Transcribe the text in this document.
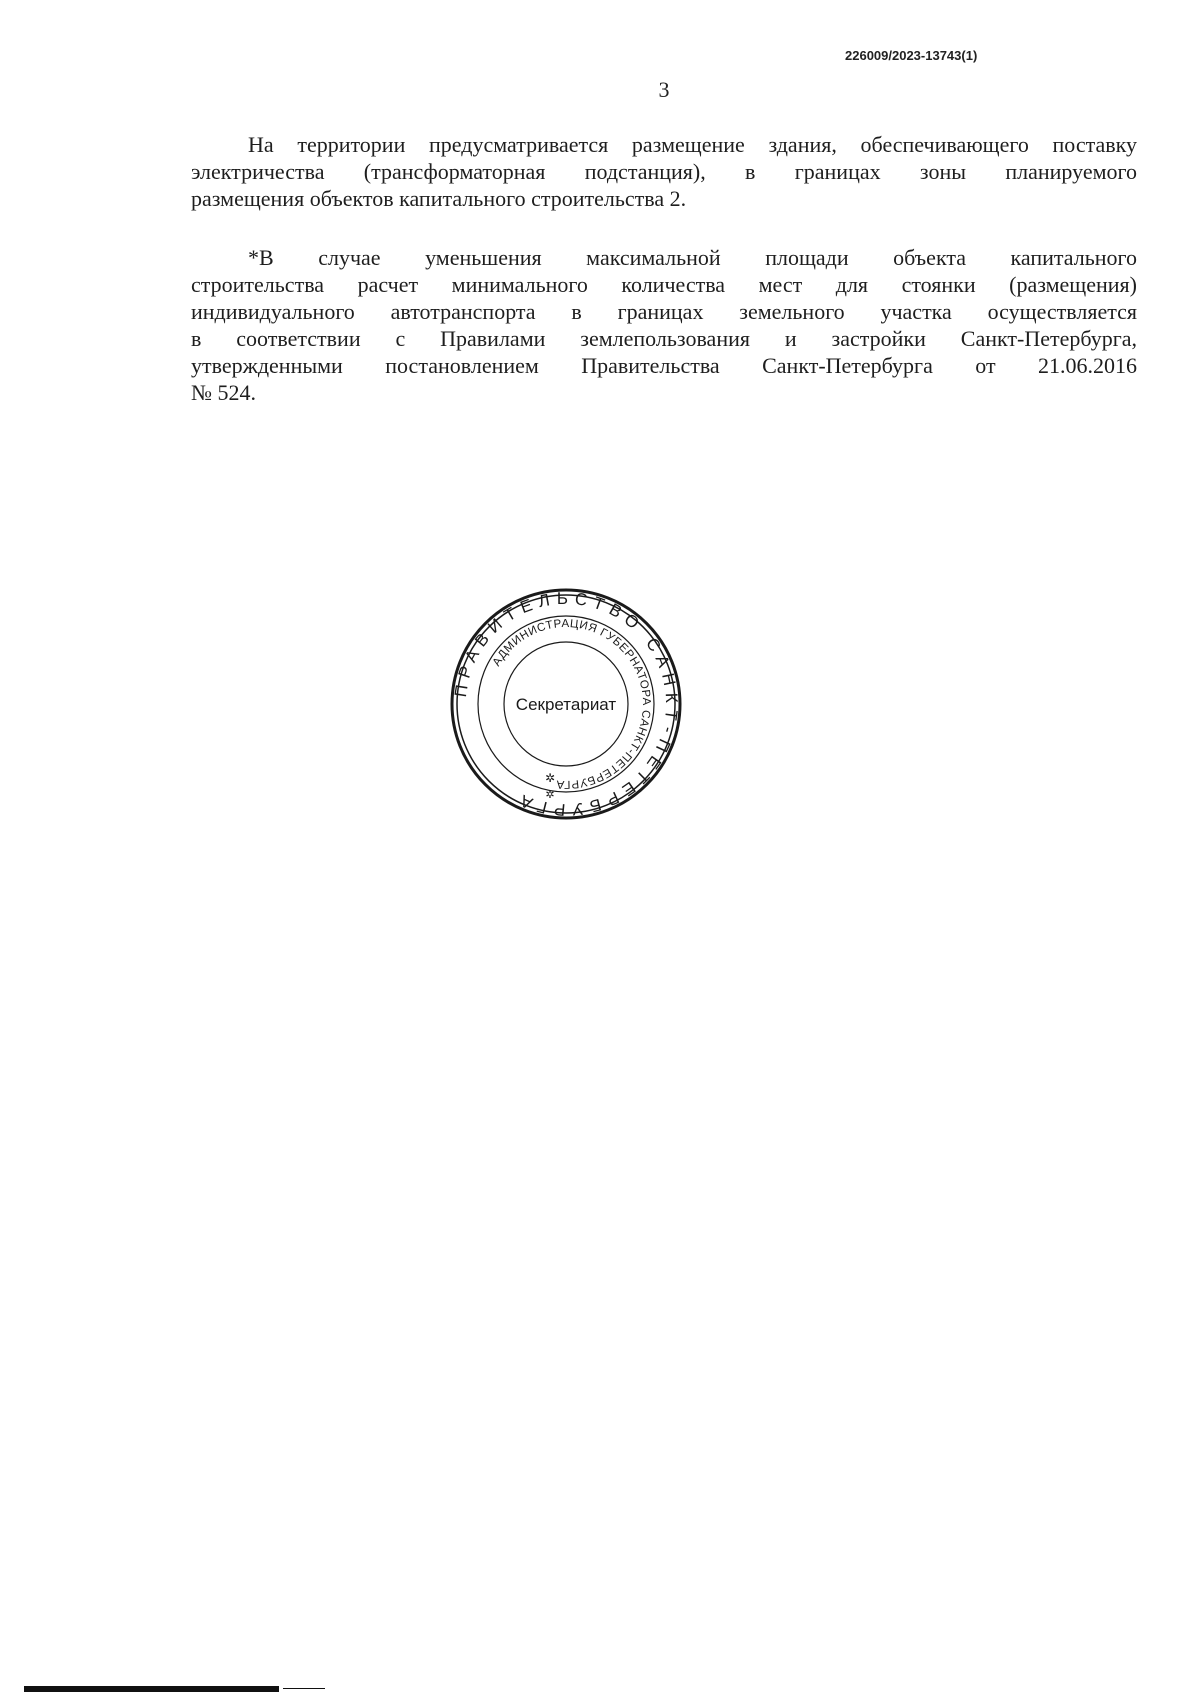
226009/2023-13743(1)
3
На территории предусматривается размещение здания, обеспечивающего поставку
электричества (трансформаторная подстанция), в границах зоны планируемого
размещения объектов капитального строительства 2.
*В случае уменьшения максимальной площади объекта капитального
строительства расчет минимального количества мест для стоянки (размещения)
индивидуального автотранспорта в границах земельного участка осуществляется
в соответствии с Правилами землепользования и застройки Санкт-Петербурга,
утвержденными постановлением Правительства Санкт-Петербурга от 21.06.2016
№ 524.
ПРАВИТЕЛЬСТВО САНКТ-ПЕТЕРБУРГА
АДМИНИСТРАЦИЯ ГУБЕРНАТОРА САНКТ-ПЕТЕРБУРГА
Секретариат
✲
✲
